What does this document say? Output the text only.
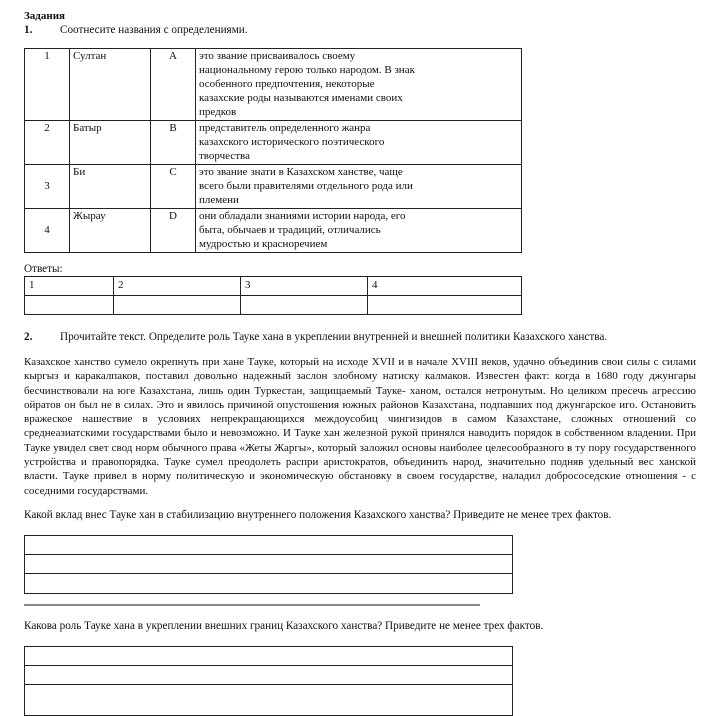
Задания
1. Соотнесите названия с определениями.
1	Султан	A	это звание присваивалось своему
национальному герою только народом. В знак
особенного предпочтения, некоторые
казахские роды называются именами своих
предков

2	Батыр	B	представитель определенного жанра
казахского исторического поэтического
творчества

3	Би	C	это звание знати в Казахском ханстве, чаще
всего были правителями отдельного рода или
племени

4	Жырау	D	они обладали знаниями истории народа, его
быта, обычаев и традиций, отличались
мудростью и красноречием
Ответы:
1	2	3	4

2. Прочитайте текст. Определите роль Тауке хана в укреплении внутренней и внешней политики Казахского ханства.
Казахское ханство сумело окрепнуть при хане Тауке, который на исходе XVII и в начале XVIII веков, удачно объединив свои силы с силами кыргыз и каракалпаков, поставил довольно надежный заслон злобному натиску калмаков. Известен факт: когда в 1680 году джунгары бесчинствовали на юге Казахстана, лишь один Туркестан, защищаемый Тауке- ханом, остался нетронутым. Но целиком пресечь агрессию ойратов он был не в силах. Это и явилось причиной опустошения южных районов Казахстана, подпавших под джунгарское иго. Остановить вражеское нашествие в условиях непрекращающихся междоусобиц чингизидов в самом Казахстане, сложных отношений со среднеазиатскими государствами было и невозможно. И Тауке хан железной рукой принялся наводить порядок в собственном владении. При Тауке увидел свет свод норм обычного права «Жеты Жаргы», который заложил основы наиболее целесообразного в ту пору государственного устройства и правопорядка. Тауке сумел преодолеть распри аристократов, объединить народ, значительно подняв удельный вес ханской власти. Тауке привел в норму политическую и экономическую обстановку в своем государстве, наладил добрососедские отношения - с соседними государствами.
Какой вклад внес Тауке хан в стабилизацию внутреннего положения Казахского ханства? Приведите не менее трех фактов.
Какова роль Тауке хана в укреплении внешних границ Казахского ханства? Приведите не менее трех фактов.
